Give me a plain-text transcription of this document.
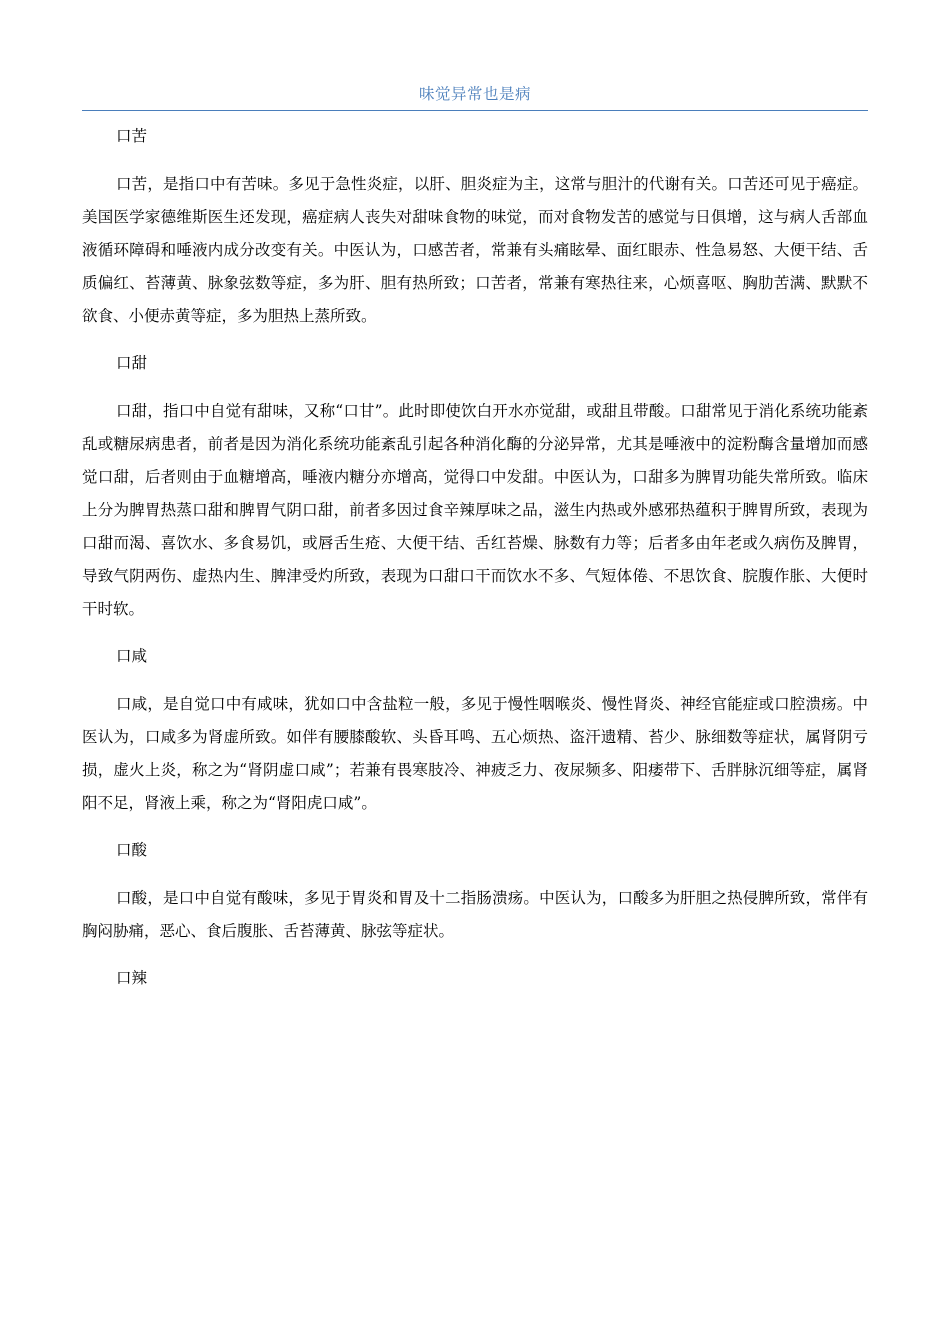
味觉异常也是病
口苦

口苦，是指口中有苦味。多见于急性炎症，以肝、胆炎症为主，这常与胆汁的代谢有关。口苦还可见于癌症。美国医学家德维斯医生还发现，癌症病人丧失对甜味食物的味觉，而对食物发苦的感觉与日俱增，这与病人舌部血液循环障碍和唾液内成分改变有关。中医认为，口感苦者，常兼有头痛眩晕、面红眼赤、性急易怒、大便干结、舌质偏红、苔薄黄、脉象弦数等症，多为肝、胆有热所致；口苦者，常兼有寒热往来，心烦喜呕、胸肋苦满、默默不欲食、小便赤黄等症，多为胆热上蒸所致。

口甜

口甜，指口中自觉有甜味，又称“口甘”。此时即使饮白开水亦觉甜，或甜且带酸。口甜常见于消化系统功能紊乱或糖尿病患者，前者是因为消化系统功能紊乱引起各种消化酶的分泌异常，尤其是唾液中的淀粉酶含量增加而感觉口甜，后者则由于血糖增高，唾液内糖分亦增高，觉得口中发甜。中医认为，口甜多为脾胃功能失常所致。临床上分为脾胃热蒸口甜和脾胃气阴口甜，前者多因过食辛辣厚味之品，滋生内热或外感邪热蕴积于脾胃所致，表现为口甜而渴、喜饮水、多食易饥，或唇舌生疮、大便干结、舌红苔燥、脉数有力等；后者多由年老或久病伤及脾胃，导致气阴两伤、虚热内生、脾津受灼所致，表现为口甜口干而饮水不多、气短体倦、不思饮食、脘腹作胀、大便时干时软。

口咸

口咸，是自觉口中有咸味，犹如口中含盐粒一般，多见于慢性咽喉炎、慢性肾炎、神经官能症或口腔溃疡。中医认为，口咸多为肾虚所致。如伴有腰膝酸软、头昏耳鸣、五心烦热、盗汗遗精、苔少、脉细数等症状，属肾阴亏损，虚火上炎，称之为“肾阴虚口咸”；若兼有畏寒肢冷、神疲乏力、夜尿频多、阳痿带下、舌胖脉沉细等症，属肾阳不足，肾液上乘，称之为“肾阳虎口咸”。

口酸

口酸，是口中自觉有酸味，多见于胃炎和胃及十二指肠溃疡。中医认为，口酸多为肝胆之热侵脾所致，常伴有胸闷胁痛，恶心、食后腹胀、舌苔薄黄、脉弦等症状。

口辣
